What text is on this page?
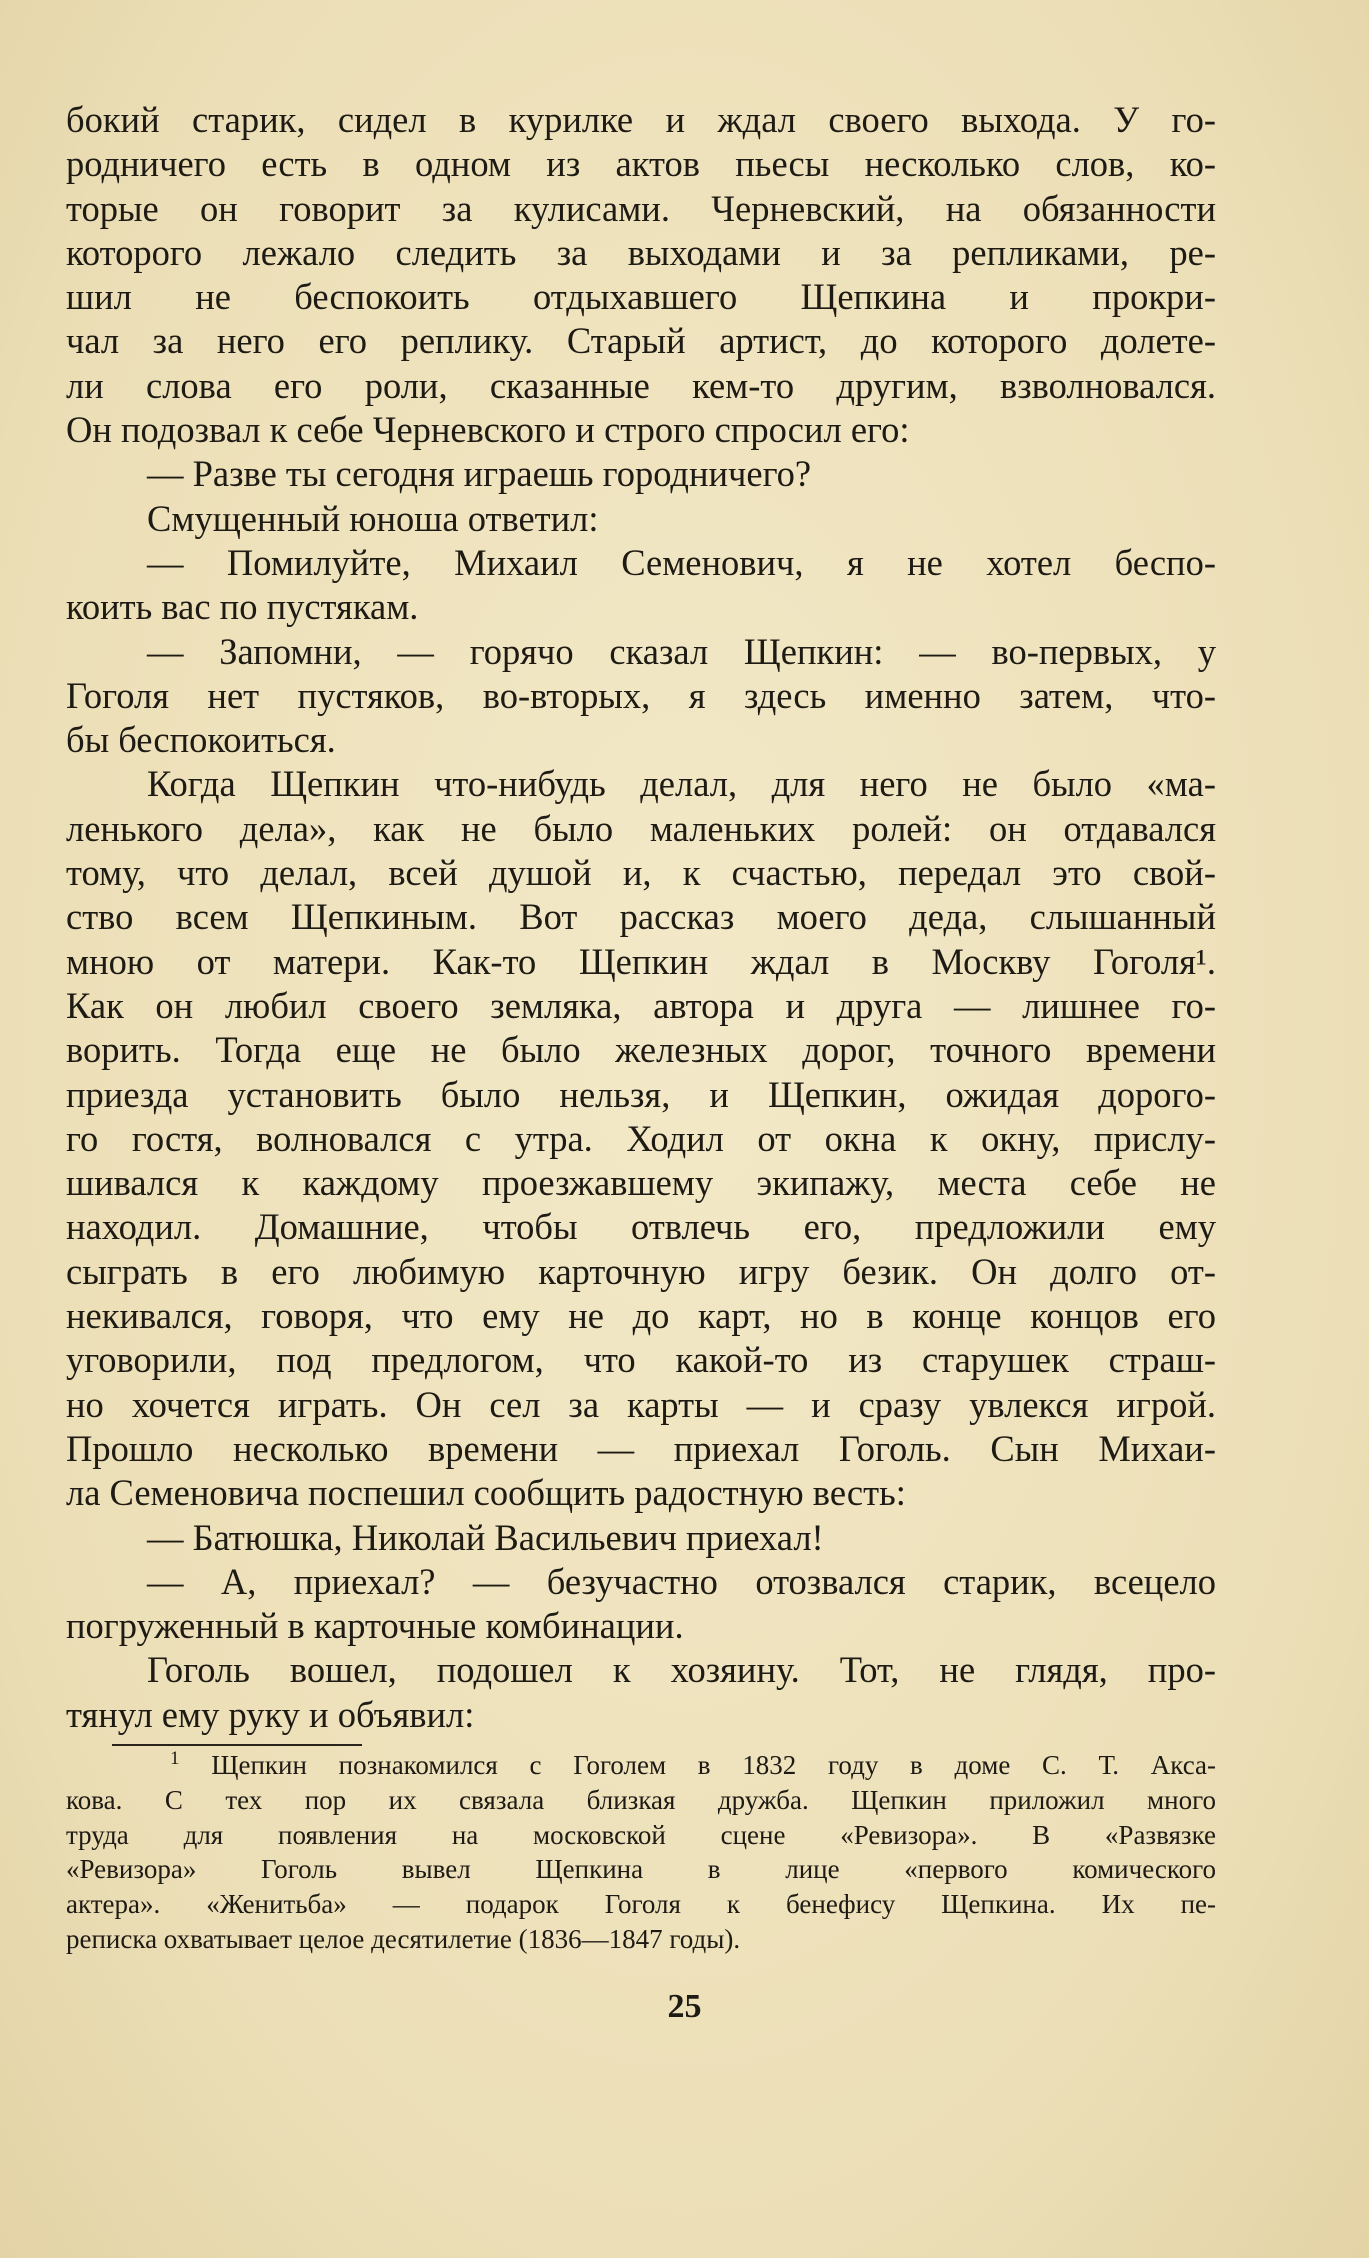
бокий старик, сидел в курилке и ждал своего выхода. У го-
родничего есть в одном из актов пьесы несколько слов, ко-
торые он говорит за кулисами. Черневский, на обязанности
которого лежало следить за выходами и за репликами, ре-
шил не беспокоить отдыхавшего Щепкина и прокри-
чал за него его реплику. Старый артист, до которого долете-
ли слова его роли, сказанные кем-то другим, взволновался.
Он подозвал к себе Черневского и строго спросил его:
— Разве ты сегодня играешь городничего?
Смущенный юноша ответил:
— Помилуйте, Михаил Семенович, я не хотел беспо-
коить вас по пустякам.
— Запомни, — горячо сказал Щепкин: — во-первых, у
Гоголя нет пустяков, во-вторых, я здесь именно затем, что-
бы беспокоиться.
Когда Щепкин что-нибудь делал, для него не было «ма-
ленького дела», как не было маленьких ролей: он отдавался
тому, что делал, всей душой и, к счастью, передал это свой-
ство всем Щепкиным. Вот рассказ моего деда, слышанный
мною от матери. Как-то Щепкин ждал в Москву Гоголя¹.
Как он любил своего земляка, автора и друга — лишнее го-
ворить. Тогда еще не было железных дорог, точного времени
приезда установить было нельзя, и Щепкин, ожидая дорого-
го гостя, волновался с утра. Ходил от окна к окну, прислу-
шивался к каждому проезжавшему экипажу, места себе не
находил. Домашние, чтобы отвлечь его, предложили ему
сыграть в его любимую карточную игру безик. Он долго от-
некивался, говоря, что ему не до карт, но в конце концов его
уговорили, под предлогом, что какой-то из старушек страш-
но хочется играть. Он сел за карты — и сразу увлекся игрой.
Прошло несколько времени — приехал Гоголь. Сын Михаи-
ла Семеновича поспешил сообщить радостную весть:
— Батюшка, Николай Васильевич приехал!
— А, приехал? — безучастно отозвался старик, всецело
погруженный в карточные комбинации.
Гоголь вошел, подошел к хозяину. Тот, не глядя, про-
тянул ему руку и объявил:
$^1$ Щепкин познакомился с Гоголем в 1832 году в доме С. Т. Акса-
кова. С тех пор их связала близкая дружба. Щепкин приложил много
труда для появления на московской сцене «Ревизора». В «Развязке
«Ревизора» Гоголь вывел Щепкина в лице «первого комического
актера». «Женитьба» — подарок Гоголя к бенефису Щепкина. Их пе-
реписка охватывает целое десятилетие (1836—1847 годы).
25
